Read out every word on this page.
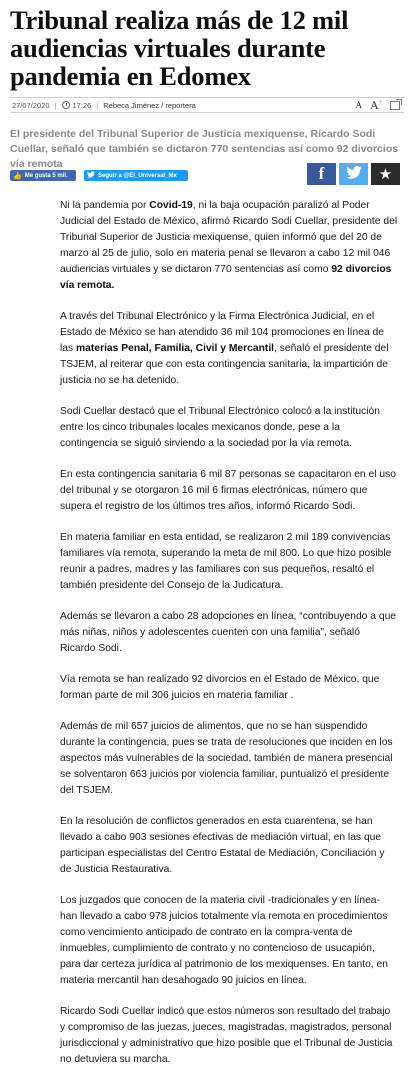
Tribunal realiza más de 12 mil audiencias virtuales durante pandemia en Edomex
27/07/2020 | 17:26 | Rebeca Jiménez / reportera	A A+

El presidente del Tribunal Superior de Justicia mexiquense, Ricardo Sodi Cuellar, señaló que también se dictaron 770 sentencias así como 92 divorcios vía remota

👍 Me gusta 5 mil.	Seguir a @El_Universal_Mx	f	★

Ni la pandemia por Covid-19, ni la baja ocupación paralizó al Poder Judicial del Estado de México, afirmó Ricardo Sodi Cuellar, presidente del Tribunal Superior de Justicia mexiquense, quien informó que del 20 de marzo al 25 de julio, solo en materia penal se llevaron a cabo 12 mil 046 audiencias virtuales y se dictaron 770 sentencias así como 92 divorcios vía remota.

A través del Tribunal Electrónico y la Firma Electrónica Judicial, en el Estado de México se han atendido 36 mil 104 promociones en línea de las materias Penal, Familia, Civil y Mercantil, señaló el presidente del TSJEM, al reiterar que con esta contingencia sanitaria, la impartición de justicia no se ha detenido.

Sodi Cuellar destacó que el Tribunal Electrónico colocó a la institución entre los cinco tribunales locales mexicanos donde, pese a la contingencia se siguió sirviendo a la sociedad por la vía remota.

En esta contingencia sanitaria 6 mil 87 personas se capacitaron en el uso del tribunal y se otorgaron 16 mil 6 firmas electrónicas, número que supera el registro de los últimos tres años, informó Ricardo Sodi.

En materia familiar en esta entidad, se realizaron 2 mil 189 convivencias familiares vía remota, superando la meta de mil 800. Lo que hizo posible reunir a padres, madres y las familiares con sus pequeños, resaltó el también presidente del Consejo de la Judicatura.

Además se llevaron a cabo 28 adopciones en línea, “contribuyendo a que más niñas, niños y adolescentes cuenten con una familia”, señaló Ricardo Sodi.

Vía remota se han realizado 92 divorcios en el Estado de México, que forman parte de mil 306 juicios en materia familiar .

Además de mil 657 juicios de alimentos, que no se han suspendido durante la contingencia, pues se trata de resoluciones que inciden en los aspectos más vulnerables de la sociedad, también de manera presencial se solventaron 663 juicios por violencia familiar, puntualizó el presidente del TSJEM.

En la resolución de conflictos generados en esta cuarentena, se han llevado a cabo 903 sesiones efectivas de mediación virtual, en las que participan especialistas del Centro Estatal de Mediación, Conciliación y de Justicia Restaurativa.

Los juzgados que conocen de la materia civil -tradicionales y en línea- han llevado a cabo 978 juicios totalmente vía remota en procedimientos como vencimiento anticipado de contrato en la compra-venta de inmuebles, cumplimiento de contrato y no contencioso de usucapión, para dar certeza jurídica al patrimonio de los mexiquenses. En tanto, en materia mercantil han desahogado 90 juicios en línea.

Ricardo Sodi Cuellar indicó que estos números son resultado del trabajo y compromiso de las juezas, jueces, magistradas, magistrados, personal jurisdiccional y administrativo que hizo posible que el Tribunal de Justicia no detuviera su marcha.
